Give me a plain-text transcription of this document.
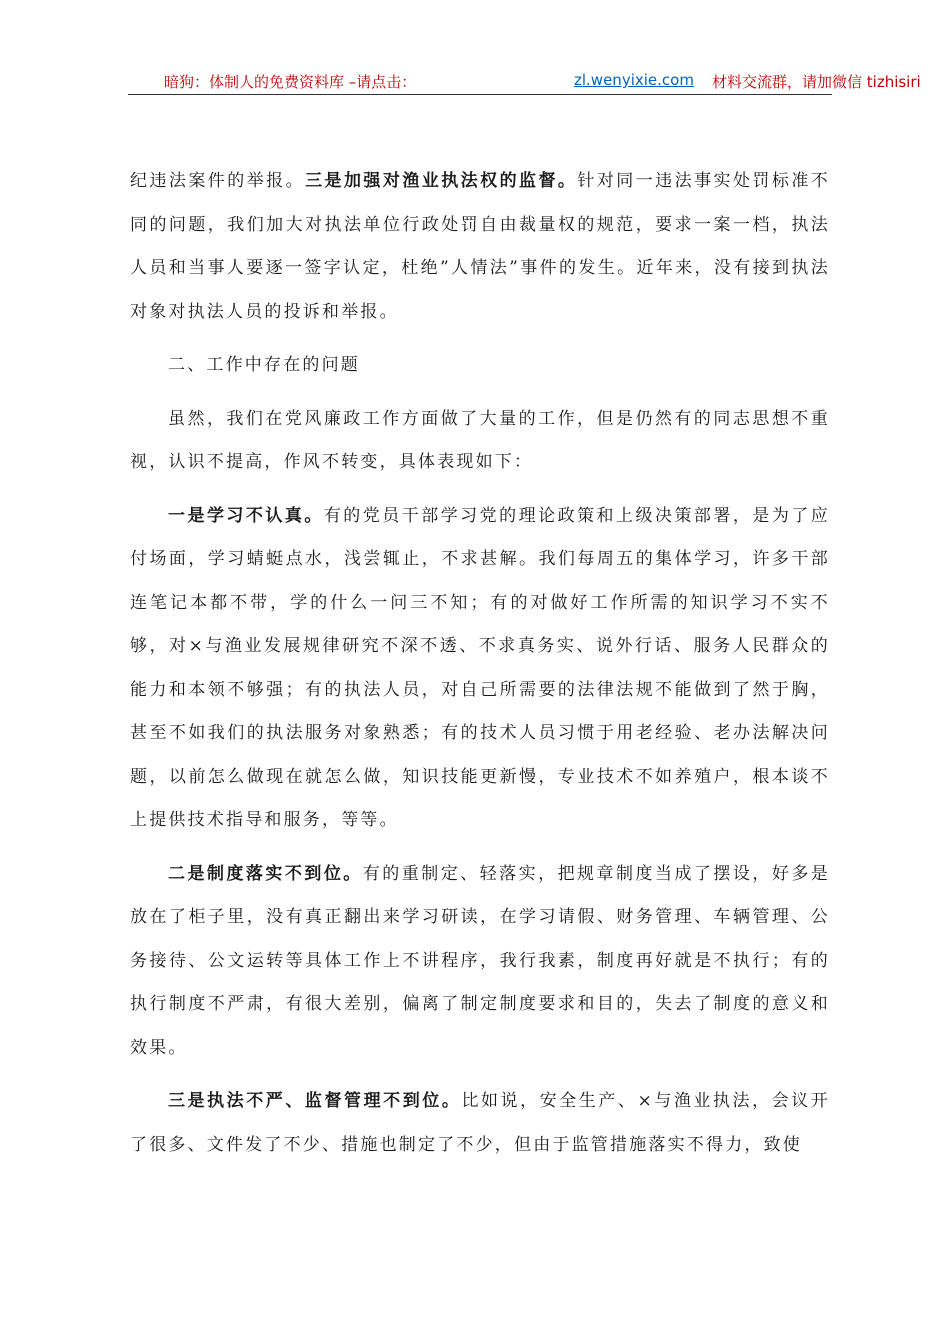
暗狗：体制人的免费资料库 –请点击：	zl.wenyixie.com 材料交流群，请加微信 tizhisiri

纪违法案件的举报。三是加强对渔业执法权的监督。针对同一违法事实处罚标准不同的问题，我们加大对执法单位行政处罚自由裁量权的规范，要求一案一档，执法人员和当事人要逐一签字认定，杜绝”人情法”事件的发生。近年来，没有接到执法对象对执法人员的投诉和举报。

二、工作中存在的问题

虽然，我们在党风廉政工作方面做了大量的工作，但是仍然有的同志思想不重视，认识不提高，作风不转变，具体表现如下：

一是学习不认真。有的党员干部学习党的理论政策和上级决策部署，是为了应付场面，学习蜻蜓点水，浅尝辄止，不求甚解。我们每周五的集体学习，许多干部连笔记本都不带，学的什么一问三不知；有的对做好工作所需的知识学习不实不够，对×与渔业发展规律研究不深不透、不求真务实、说外行话、服务人民群众的能力和本领不够强；有的执法人员，对自己所需要的法律法规不能做到了然于胸，甚至不如我们的执法服务对象熟悉；有的技术人员习惯于用老经验、老办法解决问题，以前怎么做现在就怎么做，知识技能更新慢，专业技术不如养殖户，根本谈不上提供技术指导和服务，等等。

二是制度落实不到位。有的重制定、轻落实，把规章制度当成了摆设，好多是放在了柜子里，没有真正翻出来学习研读，在学习请假、财务管理、车辆管理、公务接待、公文运转等具体工作上不讲程序，我行我素，制度再好就是不执行；有的执行制度不严肃，有很大差别，偏离了制定制度要求和目的，失去了制度的意义和效果。

三是执法不严、监督管理不到位。比如说，安全生产、×与渔业执法，会议开了很多、文件发了不少、措施也制定了不少，但由于监管措施落实不得力，致使
